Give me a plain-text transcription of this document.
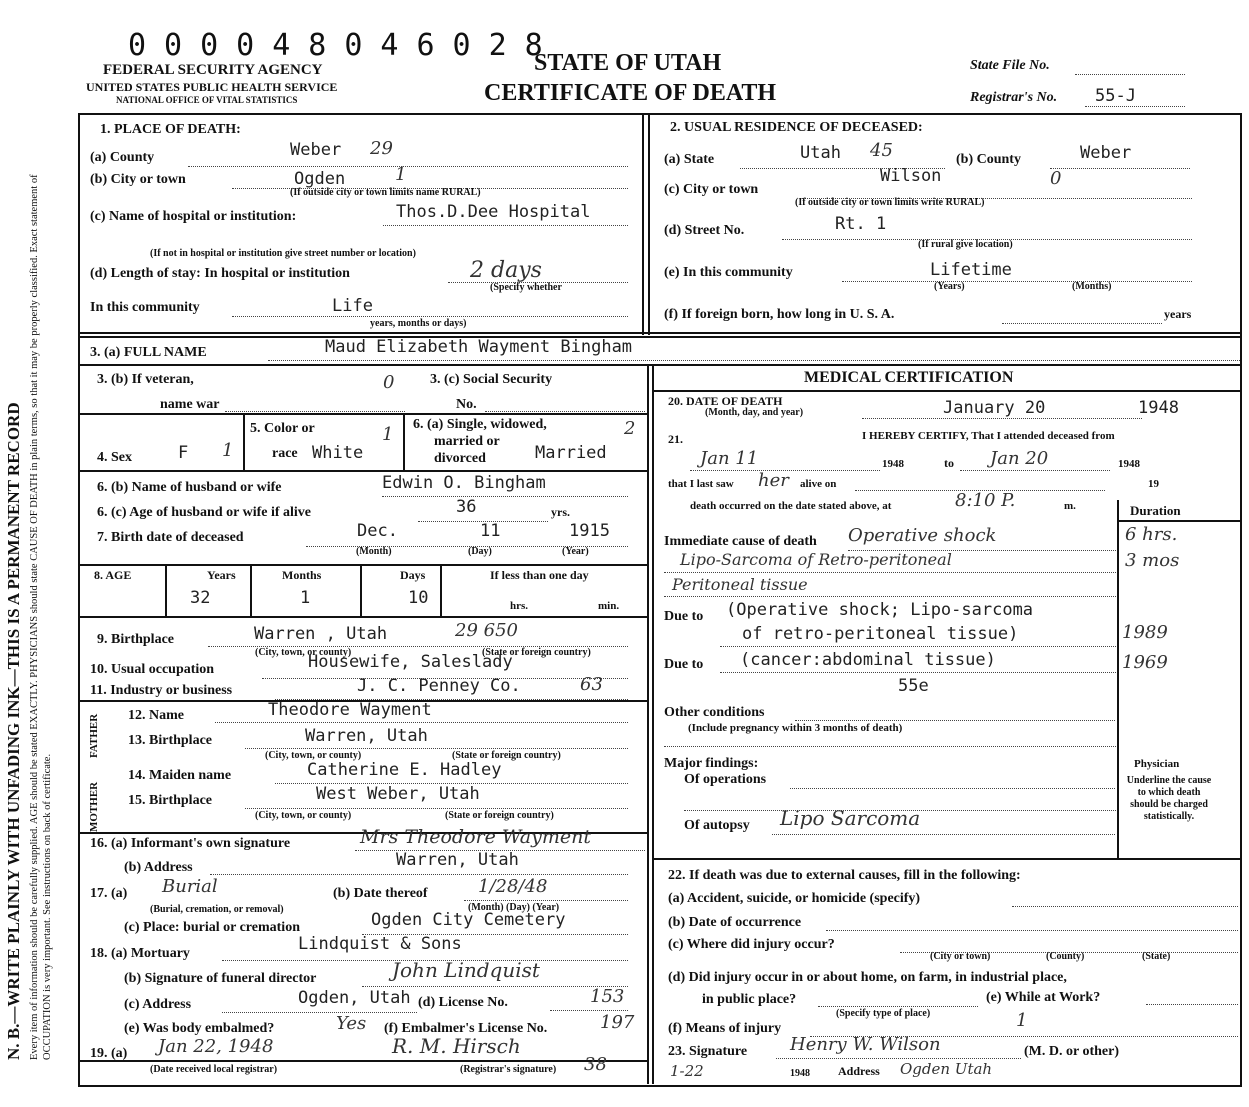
N. B.—WRITE PLAINLY WITH UNFADING INK—THIS IS A PERMANENT RECORD Every item of information should be carefully supplied. AGE should be stated EXACTLY. PHYSICIANS should state CAUSE OF DEATH in plain terms, so that it may be properly classified. Exact statement of OCCUPATION is very important. See instructions on back of certificate.
000048046028
FEDERAL SECURITY AGENCY
UNITED STATES PUBLIC HEALTH SERVICE
NATIONAL OFFICE OF VITAL STATISTICS
STATE OF UTAH
CERTIFICATE OF DEATH
State File No.
Registrar's No. 55-J
1. PLACE OF DEATH:
(a) County	Weber 29
(b) City or town	Ogden	1
(If outside city or town limits name RURAL)
(c) Name of hospital or institution:	Thos.D.Dee Hospital
(If not in hospital or institution give street number or location)
(d) Length of stay: In hospital or institution	2 days
(Specify whether
In this community	Life
years, months or days)
2. USUAL RESIDENCE OF DECEASED:
(a) State	Utah 45	(b) County	Weber
(c) City or town
Wilson	0
(If outside city or town limits write RURAL)
(d) Street No.	Rt. 1
(If rural give location)
(e) In this community	Lifetime
(Years)	(Months)
(f) If foreign born, how long in U. S. A.	years
3. (a) FULL NAME	Maud Elizabeth Wayment Bingham
3. (b) If veteran,
name war
0	3. (c) Social Security
No.
MEDICAL CERTIFICATION
20. DATE OF DEATH
(Month, day, and year)	January 20	1948
4. Sex	F 1
5. Color or
race White
1 6. (a) Single, widowed,
married or
divorced	Married
2	21.	I HEREBY CERTIFY, That I attended deceased from
Jan 11	1948	to Jan 20	1948
that I last saw her alive on	19
death occurred on the date stated above, at	8:10 P.	m.	Duration
6. (b) Name of husband or wife	Edwin O. Bingham
6. (c) Age of husband or wife if alive	36	yrs.
7. Birth date of deceased	Dec.	11	1915
(Month)	(Day)	(Year)
Immediate cause of death Operative shock	6 hrs.
Lipo-Sarcoma of Retro-peritoneal	3 mos
Peritoneal tissue
8. AGE	Years	Months	Days	If less than one day
32	1	10	hrs.	min.
Due to (Operative shock; Lipo-sarcoma
of retro-peritoneal tissue)	1989
Due to (cancer:abdominal tissue)	1969
55e
9. Birthplace	Warren , Utah	29 650
(City, town, or county)	(State or foreign country)
10. Usual occupation	Housewife, Saleslady
11. Industry or business	J. C. Penney Co.	63
Other conditions
(Include pregnancy within 3 months of death)
Major findings:
Of operations
Of autopsy Lipo Sarcoma
Physician
Underline the cause to which death should be charged statistically.
FATHER
MOTHER
12. Name	Theodore Wayment
13. Birthplace	Warren, Utah
(City, town, or county)	(State or foreign country)
14. Maiden name	Catherine E. Hadley
15. Birthplace	West Weber, Utah
(City, town, or county)	(State or foreign country)
16. (a) Informant's own signature	Mrs Theodore Wayment
(b) Address	Warren, Utah
17. (a) Burial	(b) Date thereof	1/28/48
(Burial, cremation, or removal)	(Month) (Day) (Year)
(c) Place: burial or cremation	Ogden City Cemetery
18. (a) Mortuary	Lindquist & Sons
(b) Signature of funeral director	John Lindquist
(c) Address	Ogden, Utah (d) License No.	153
(e) Was body embalmed?	Yes (f) Embalmer's License No.	197
19. (a) Jan 22, 1948	R. M. Hirsch
38
(Date received local registrar)	(Registrar's signature)
22. If death was due to external causes, fill in the following:
(a) Accident, suicide, or homicide (specify)
(b) Date of occurrence
(c) Where did injury occur?
(City or town)	(County)	(State)
(d) Did injury occur in or about home, on farm, in industrial place,
in public place?	(e) While at Work?
(Specify type of place)
(f) Means of injury	1
23. Signature Henry W. Wilson	(M. D. or other)
1-22	1948 Address Ogden Utah
